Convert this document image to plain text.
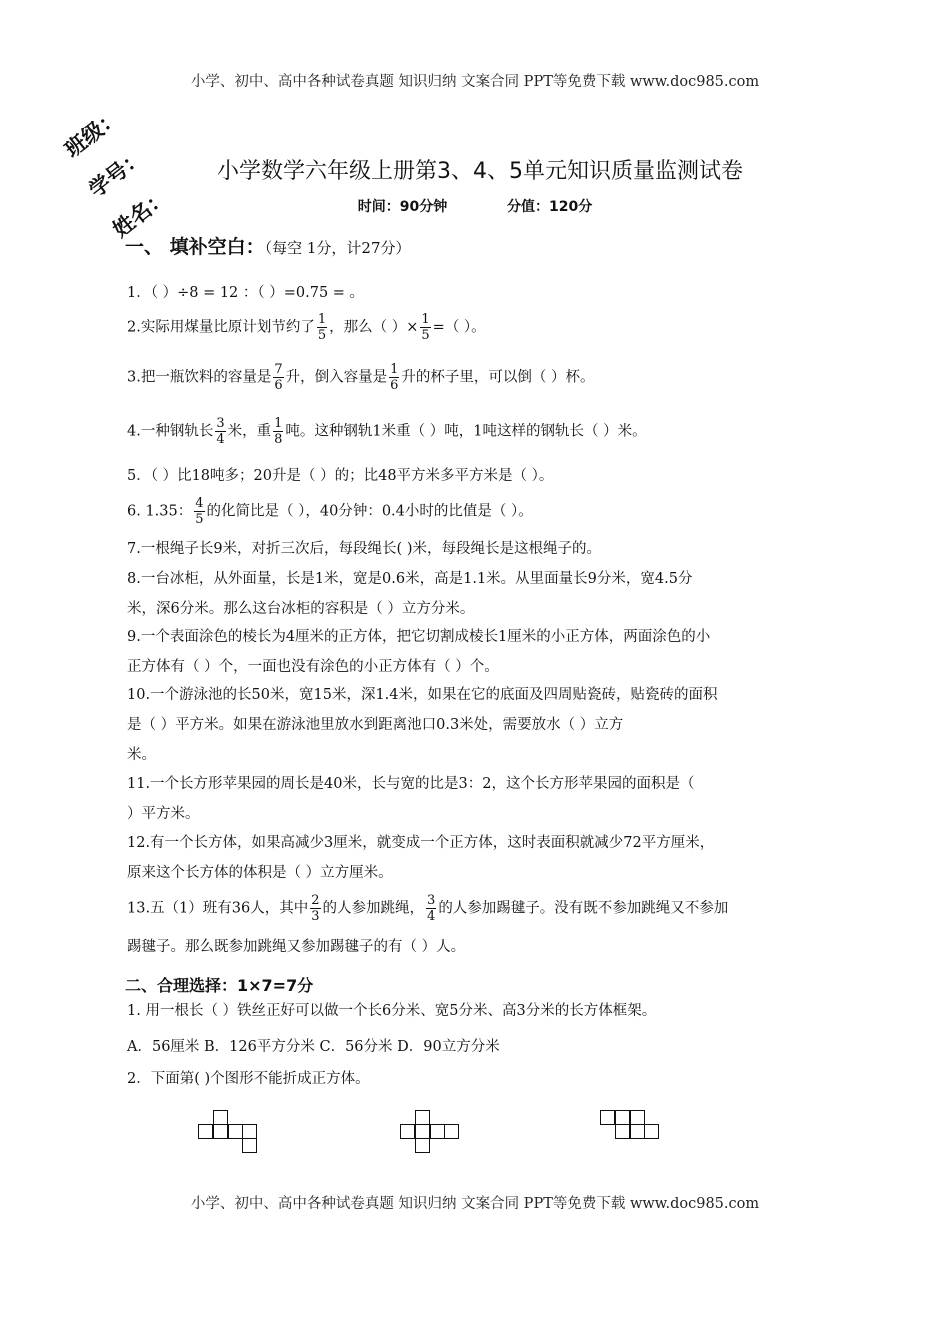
小学、初中、高中各种试卷真题 知识归纳 文案合同 PPT等免费下载 www.doc985.com
班级：
学号：
姓名：
小学数学六年级上册第3、4、5单元知识质量监测试卷
时间：90分钟	分值：120分
一、 填补空白：（每空 1分，计27分）
1．（ ）÷8 = 12 ：（ ）=0.75 = 。
2.实际用煤量比原计划节约了 $\frac{1}{5}$ ，那么（ ）× $\frac{1}{5}$ =（ ）。
3.把一瓶饮料的容量是 $\frac{7}{6}$ 升，倒入容量是 $\frac{1}{6}$ 升的杯子里，可以倒（ ）杯。
4.一种钢轨长 $\frac{3}{4}$ 米，重 $\frac{1}{8}$ 吨。这种钢轨1米重（ ）吨，1吨这样的钢轨长（ ）米。
5．（ ）比18吨多；20升是（ ）的；比48平方米多平方米是（ ）。
6. 1.35： $\frac{4}{5}$ 的化简比是（ ），40分钟：0.4小时的比值是（ ）。
7.一根绳子长9米，对折三次后，每段绳长( )米，每段绳长是这根绳子的。
8.一台冰柜，从外面量，长是1米，宽是0.6米，高是1.1米。从里面量长9分米，宽4.5分
米，深6分米。那么这台冰柜的容积是（ ）立方分米。
9.一个表面涂色的棱长为4厘米的正方体，把它切割成棱长1厘米的小正方体，两面涂色的小
正方体有（ ）个，一面也没有涂色的小正方体有（ ）个。
10.一个游泳池的长50米，宽15米，深1.4米，如果在它的底面及四周贴瓷砖，贴瓷砖的面积
是（ ）平方米。如果在游泳池里放水到距离池口0.3米处，需要放水（ ）立方
米。
11.一个长方形苹果园的周长是40米，长与宽的比是3：2，这个长方形苹果园的面积是（
）平方米。
12.有一个长方体，如果高减少3厘米，就变成一个正方体，这时表面积就减少72平方厘米，
原来这个长方体的体积是（ ）立方厘米。
13.五（1）班有36人，其中 $\frac{2}{3}$ 的人参加跳绳， $\frac{3}{4}$ 的人参加踢毽子。没有既不参加跳绳又不参加
踢毽子。那么既参加跳绳又参加踢毽子的有（ ）人。
二、合理选择：1×7=7分
1. 用一根长（ ）铁丝正好可以做一个长6分米、宽5分米、高3分米的长方体框架。
A．56厘米 B．126平方分米 C．56分米 D．90立方分米
2．下面第( )个图形不能折成正方体。
小学、初中、高中各种试卷真题 知识归纳 文案合同 PPT等免费下载 www.doc985.com
